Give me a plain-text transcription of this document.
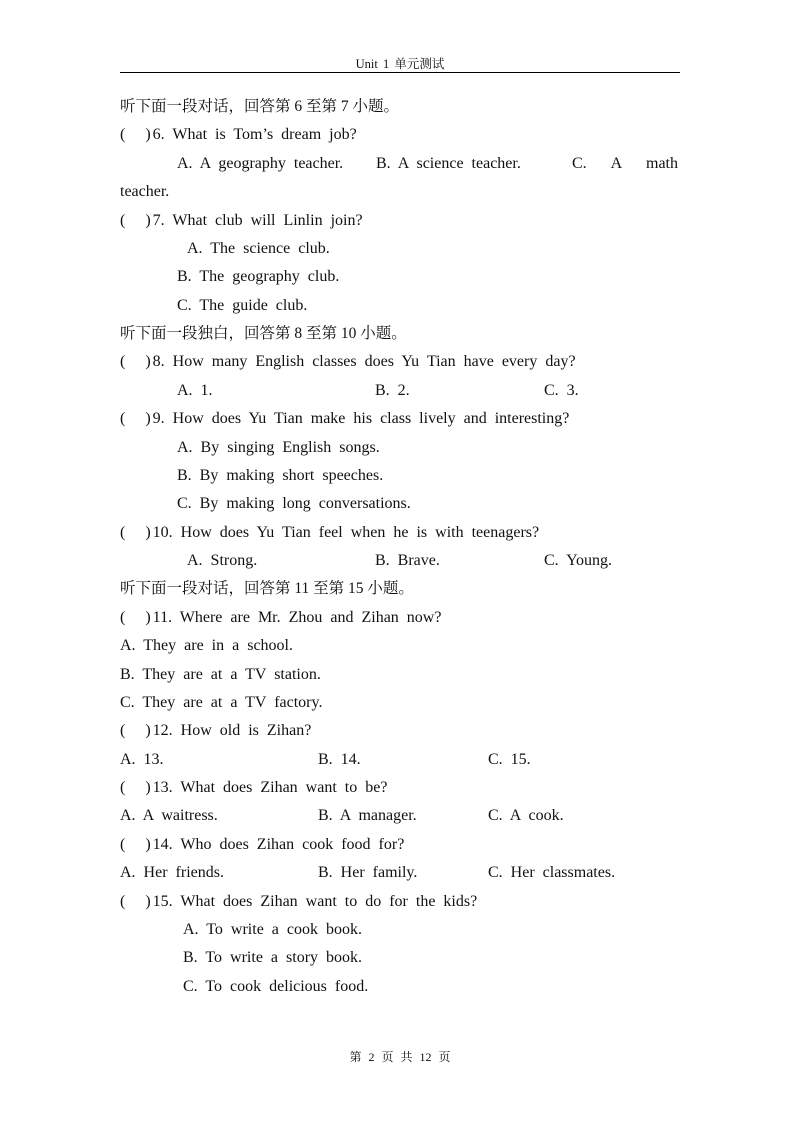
Unit 1 单元测试
听下面一段对话，回答第 6 至第 7 小题。
(     ) 6. What is Tom’s dream job?
A. A geography teacher. B. A science teacher.	C. A math
teacher.
(     ) 7. What club will Linlin join?
A. The science club.
B. The geography club.
C. The guide club.
听下面一段独白，回答第 8 至第 10 小题。
(     ) 8. How many English classes does Yu Tian have every day?
A. 1.	B. 2.	C. 3.
(     ) 9. How does Yu Tian make his class lively and interesting?
A. By singing English songs.
B. By making short speeches.
C. By making long conversations.
(     ) 10. How does Yu Tian feel when he is with teenagers?
A. Strong.	B. Brave.	C. Young.
听下面一段对话，回答第 11 至第 15 小题。
(     ) 11. Where are Mr. Zhou and Zihan now?
A. They are in a school.
B. They are at a TV station.
C. They are at a TV factory.
(     ) 12. How old is Zihan?
A. 13.	B. 14.	C. 15.
(     ) 13. What does Zihan want to be?
A. A waitress.	B. A manager.	C. A cook.
(     ) 14. Who does Zihan cook food for?
A. Her friends.	B. Her family.	C. Her classmates.
(     ) 15. What does Zihan want to do for the kids?
A. To write a cook book.
B. To write a story book.
C. To cook delicious food.
第 2 页 共 12 页
